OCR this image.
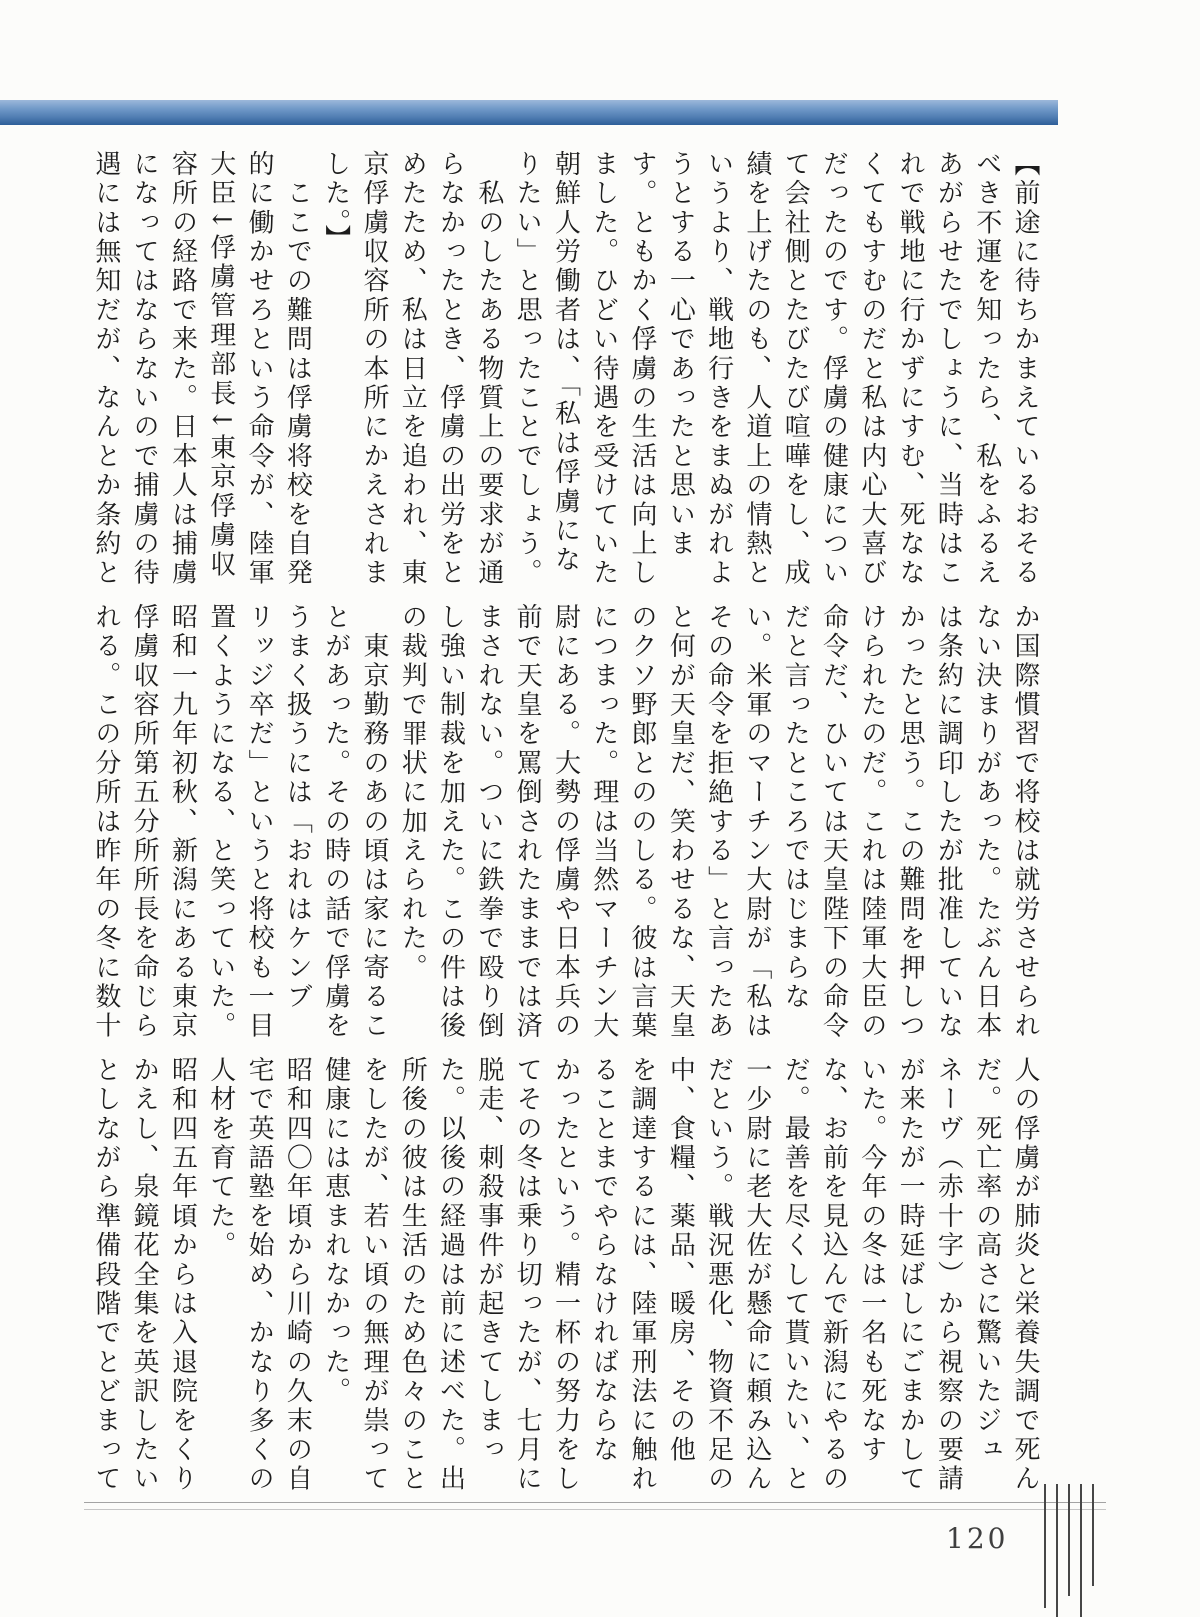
【前途に待ちかまえているおそる
べき不運を知ったら、私をふるえ
あがらせたでしょうに、当時はこ
れで戦地に行かずにすむ、死なな
くてもすむのだと私は内心大喜び
だったのです。俘虜の健康につい
て会社側とたびたび喧嘩をし、成
績を上げたのも、人道上の情熱と
いうより、戦地行きをまぬがれよ
うとする一心であったと思いま
す。ともかく俘虜の生活は向上し
ました。ひどい待遇を受けていた
朝鮮人労働者は、「私は俘虜にな
りたい」と思ったことでしょう。
　私のしたある物質上の要求が通
らなかったとき、俘虜の出労をと
めたため、私は日立を追われ、東
京俘虜収容所の本所にかえされま
した。】
　ここでの難問は俘虜将校を自発
的に働かせろという命令が、陸軍
大臣↓俘虜管理部長↓東京俘虜収
容所の経路で来た。日本人は捕虜
になってはならないので捕虜の待
遇には無知だが、なんとか条約と
か国際慣習で将校は就労させられ
ない決まりがあった。たぶん日本
は条約に調印したが批准していな
かったと思う。この難問を押しつ
けられたのだ。これは陸軍大臣の
命令だ、ひいては天皇陛下の命令
だと言ったところではじまらな
い。米軍のマーチン大尉が「私は
その命令を拒絶する」と言ったあ
と何が天皇だ、笑わせるな、天皇
のクソ野郎とののしる。彼は言葉
につまった。理は当然マーチン大
尉にある。大勢の俘虜や日本兵の
前で天皇を罵倒されたままでは済
まされない。ついに鉄拳で殴り倒
し強い制裁を加えた。この件は後
の裁判で罪状に加えられた。
　東京勤務のあの頃は家に寄るこ
とがあった。その時の話で俘虜を
うまく扱うには「おれはケンブ
リッジ卒だ」というと将校も一目
置くようになる、と笑っていた。
昭和一九年初秋、新潟にある東京
俘虜収容所第五分所所長を命じら
れる。この分所は昨年の冬に数十
人の俘虜が肺炎と栄養失調で死ん
だ。死亡率の高さに驚いたジュ
ネーヴ（赤十字）から視察の要請
が来たが一時延ばしにごまかして
いた。今年の冬は一名も死なす
な、お前を見込んで新潟にやるの
だ。最善を尽くして貰いたい、と
一少尉に老大佐が懸命に頼み込ん
だという。戦況悪化、物資不足の
中、食糧、薬品、暖房、その他
を調達するには、陸軍刑法に触れ
ることまでやらなければならな
かったという。精一杯の努力をし
てその冬は乗り切ったが、七月に
脱走、刺殺事件が起きてしまっ
た。以後の経過は前に述べた。出
所後の彼は生活のため色々のこと
をしたが、若い頃の無理が祟って
健康には恵まれなかった。
昭和四〇年頃から川崎の久末の自
宅で英語塾を始め、かなり多くの
人材を育てた。
昭和四五年頃からは入退院をくり
かえし、泉鏡花全集を英訳したい
としながら準備段階でとどまって
120
